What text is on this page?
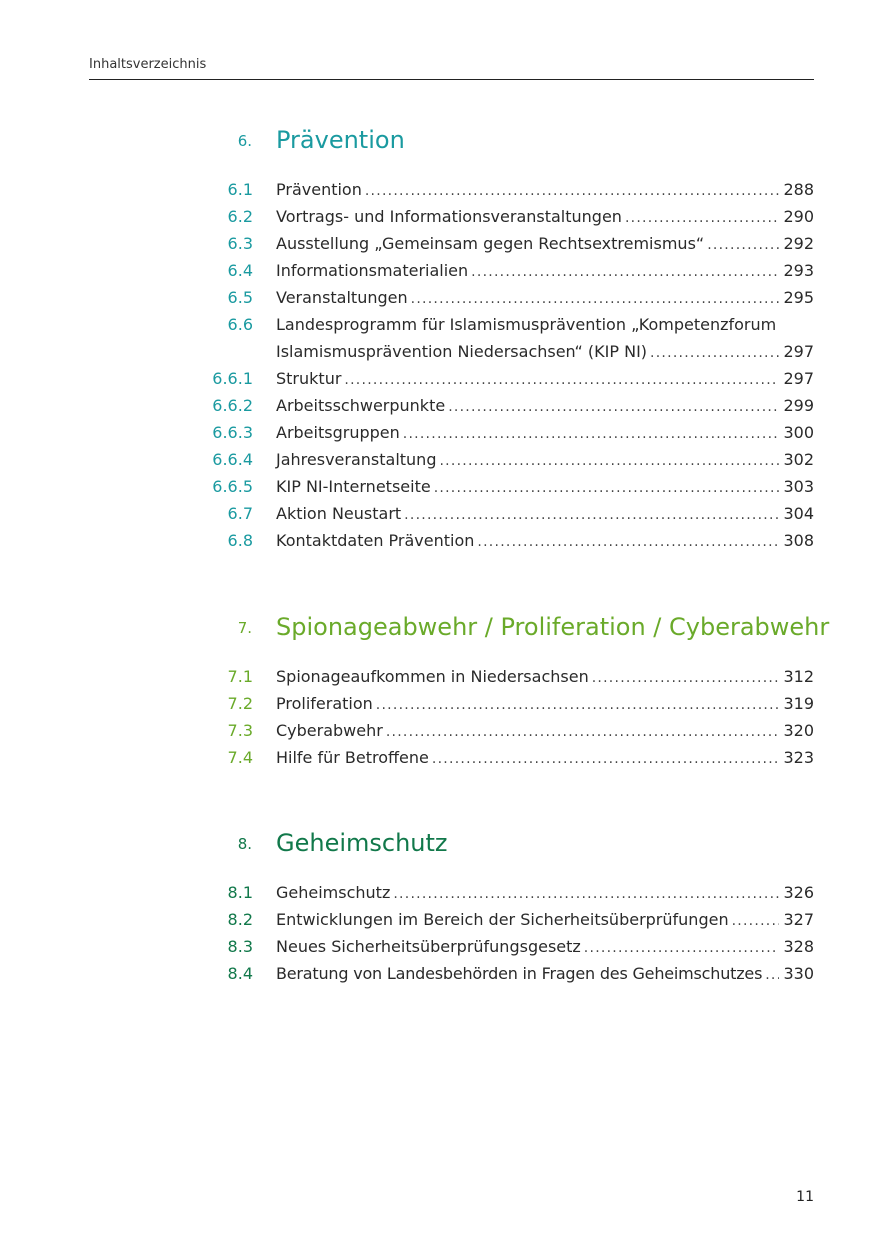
Inhaltsverzeichnis
6. Prävention
6.1 Prävention . . .	288
6.2 Vortrags- und Informationsveranstaltungen . . .	290
6.3 Ausstellung „Gemeinsam gegen Rechtsextremismus“ . . .	292
6.4 Informationsmaterialien . . .	293
6.5 Veranstaltungen . . .	295
6.6 Landesprogramm für Islamismusprävention „Kompetenzforum
Islamismusprävention Niedersachsen“ (KIP NI) . . .	297
6.6.1 Struktur . . .	297
6.6.2 Arbeitsschwerpunkte . . .	299
6.6.3 Arbeitsgruppen . . .	300
6.6.4 Jahresveranstaltung . . .	302
6.6.5 KIP NI-Internetseite . . .	303
6.7 Aktion Neustart . . .	304
6.8 Kontaktdaten Prävention . . .	308
7. Spionageabwehr / Proliferation / Cyberabwehr
7.1 Spionageaufkommen in Niedersachsen . . .	312
7.2 Proliferation . . .	319
7.3 Cyberabwehr . . .	320
7.4 Hilfe für Betroffene . . .	323
8. Geheimschutz
8.1 Geheimschutz . . .	326
8.2 Entwicklungen im Bereich der Sicherheitsüberprüfungen . . .	327
8.3 Neues Sicherheitsüberprüfungsgesetz . . .	328
8.4 Beratung von Landesbehörden in Fragen des Geheimschutzes . . . 330
11
